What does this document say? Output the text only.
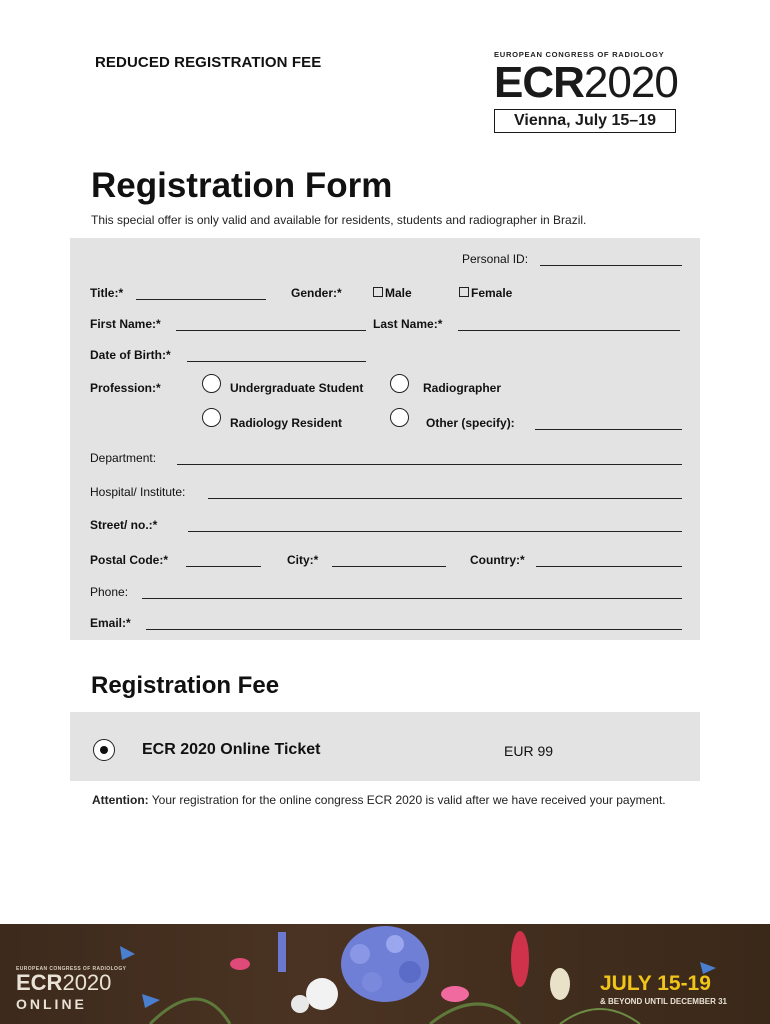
REDUCED REGISTRATION FEE	EUROPEAN CONGRESS OF RADIOLOGY
ECR2020
Vienna, July 15–19
Registration Form
This special offer is only valid and available for residents, students and radiographer in Brazil.
Personal ID:
Title:*	Gender:*	Male	Female
First Name:*	Last Name:*
Date of Birth:*
Profession:*	Undergraduate Student	Radiographer
Radiology Resident	Other (specify):
Department:
Hospital/ Institute:
Street/ no.:*
Postal Code:*	City:*	Country:*
Phone:
Email:*
Registration Fee
ECR 2020 Online Ticket	EUR 99
Attention: Your registration for the online congress ECR 2020 is valid after we have received your payment.
EUROPEAN CONGRESS OF RADIOLOGY
ECR2020
ONLINE
JULY 15-19
& BEYOND UNTIL DECEMBER 31
